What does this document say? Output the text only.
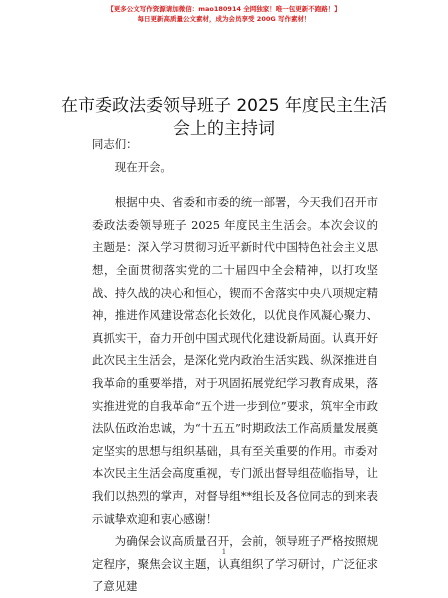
【更多公文写作资源请加微信：mao180914 全网独家！唯一包更新不跑路！】
每日更新高质量公文素材，成为会员享受 200G 写作素材！
在市委政法委领导班子 2025 年度民主生活会上的主持词

同志们：

现在开会。

根据中央、省委和市委的统一部署，今天我们召开市委政法委领导班子 2025 年度民主生活会。本次会议的主题是：深入学习贯彻习近平新时代中国特色社会主义思想，全面贯彻落实党的二十届四中全会精神，以打攻坚战、持久战的决心和恒心，锲而不舍落实中央八项规定精神，推进作风建设常态化长效化，以优良作风凝心聚力、真抓实干，奋力开创中国式现代化建设新局面。认真开好此次民主生活会，是深化党内政治生活实践、纵深推进自我革命的重要举措，对于巩固拓展党纪学习教育成果，落实推进党的自我革命“五个进一步到位”要求，筑牢全市政法队伍政治忠诚，为“十五五”时期政法工作高质量发展奠定坚实的思想与组织基础，具有至关重要的作用。市委对本次民主生活会高度重视，专门派出督导组莅临指导，让我们以热烈的掌声，对督导组**组长及各位同志的到来表示诚挚欢迎和衷心感谢！

为确保会议高质量召开，会前，领导班子严格按照规定程序，聚焦会议主题，认真组织了学习研讨，广泛征求了意见建

1
